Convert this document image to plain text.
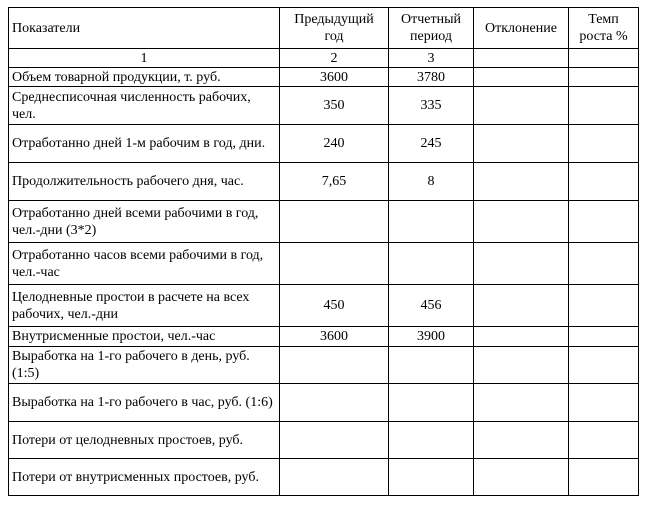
Показатели	Предыдущий год	Отчетный период	Отклонение	Темп роста %
1	2	3		
Объем товарной продукции, т. руб.	3600	3780		
Среднесписочная численность рабочих, чел.	350	335		
Отработанно дней 1-м рабочим в год, дни.	240	245		
Продолжительность рабочего дня, час.	7,65	8		
Отработанно дней всеми рабочими в год, чел.-дни (3*2)				
Отработанно часов всеми рабочими в год, чел.-час				
Целодневные простои в расчете на всех рабочих, чел.-дни	450	456		
Внутрисменные простои, чел.-час	3600	3900		
Выработка на 1-го рабочего в день, руб. (1:5)				
Выработка на 1-го рабочего в час, руб. (1:6)				
Потери от целодневных простоев, руб.				
Потери от внутрисменных простоев, руб.				
